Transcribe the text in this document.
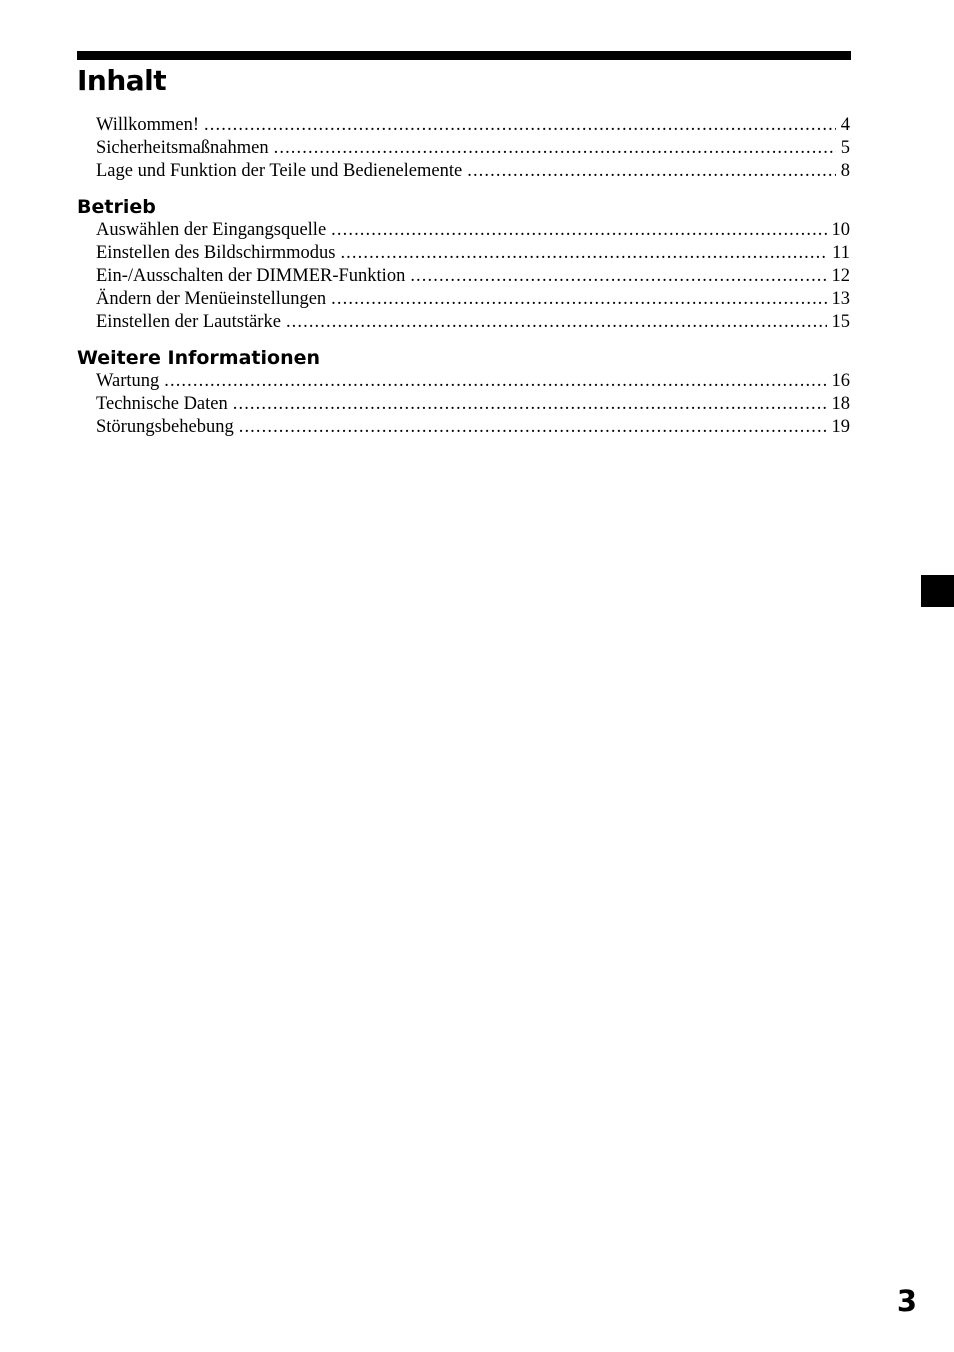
Inhalt
Willkommen! .....	4
Sicherheitsmaßnahmen .....	5
Lage und Funktion der Teile und Bedienelemente .....	8
Betrieb
Auswählen der Eingangsquelle .....	10
Einstellen des Bildschirmmodus .....	11
Ein-/Ausschalten der DIMMER-Funktion .....	12
Ändern der Menüeinstellungen .....	13
Einstellen der Lautstärke .....	15
Weitere Informationen
Wartung .....	16
Technische Daten .....	18
Störungsbehebung .....	19

3
